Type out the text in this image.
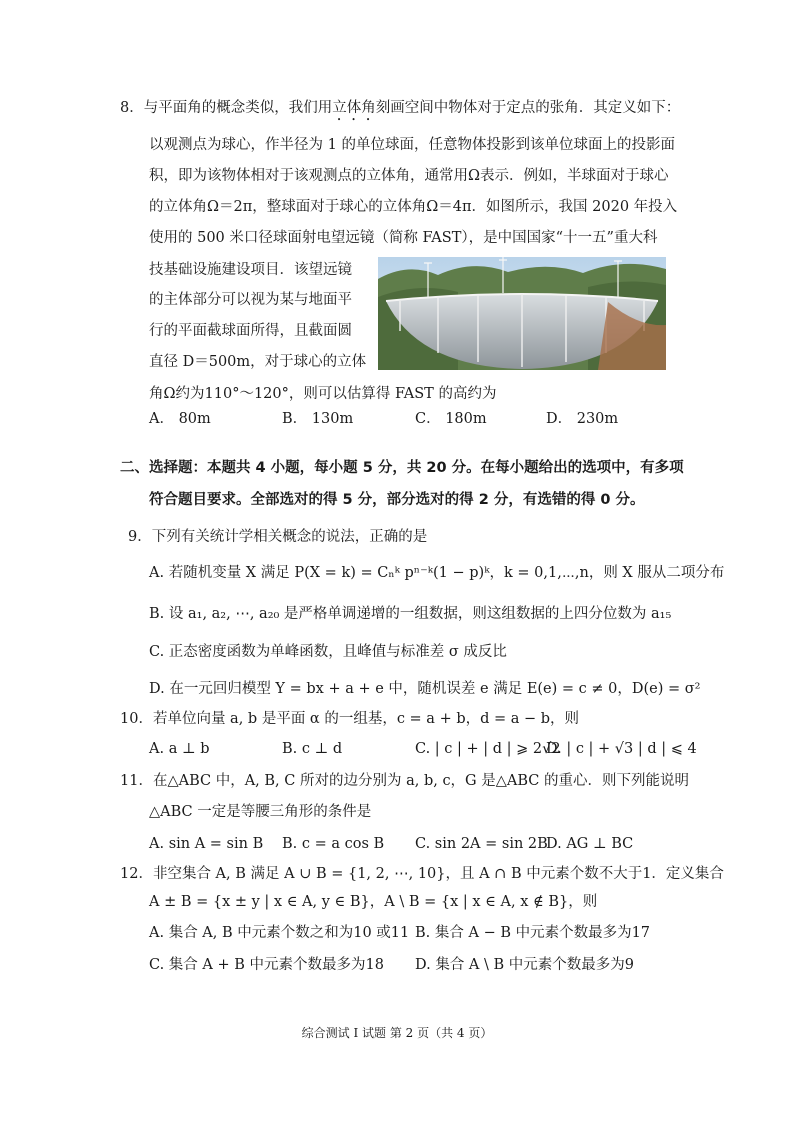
8．与平面角的概念类似，我们用立体角刻画空间中物体对于定点的张角．其定义如下：
以观测点为球心，作半径为 1 的单位球面，任意物体投影到该单位球面上的投影面
积，即为该物体相对于该观测点的立体角，通常用Ω表示．例如，半球面对于球心
的立体角Ω＝2π，整球面对于球心的立体角Ω＝4π．如图所示，我国 2020 年投入
使用的 500 米口径球面射电望远镜（简称 FAST），是中国国家“十一五”重大科
技基础设施建设项目．该望远镜
的主体部分可以视为某与地面平
行的平面截球面所得，且截面圆
直径 D＝500m，对于球心的立体
角Ω约为110°～120°，则可以估算得 FAST 的高约为
A． 80m	B． 130m	C． 180m	D． 230m
二、选择题：本题共 4 小题，每小题 5 分，共 20 分。在每小题给出的选项中，有多项
符合题目要求。全部选对的得 5 分，部分选对的得 2 分，有选错的得 0 分。
9．下列有关统计学相关概念的说法，正确的是
A. 若随机变量 X 满足 P(X = k) = Cₙᵏ pⁿ⁻ᵏ(1 − p)ᵏ，k = 0,1,⋯,n，则 X 服从二项分布
B. 设 a₁, a₂, ⋯, a₂₀ 是严格单调递增的一组数据，则这组数据的上四分位数为 a₁₅
C. 正态密度函数为单峰函数，且峰值与标准差 σ 成反比
D. 在一元回归模型 Y = bx + a + e 中，随机误差 e 满足 E(e) = c ≠ 0，D(e) = σ²
10．若单位向量 a, b 是平面 α 的一组基，c = a + b，d = a − b，则
A. a ⊥ b	B. c ⊥ d	C. | c | + | d | ⩾ 2√2
D. | c | + √3 | d | ⩽ 4
11．在△ABC 中，A, B, C 所对的边分别为 a, b, c，G 是△ABC 的重心．则下列能说明
△ABC 一定是等腰三角形的条件是
A. sin A = sin B B. c = a cos B C. sin 2A = sin 2B
D. AG ⊥ BC
12．非空集合 A, B 满足 A ∪ B = {1, 2, ⋯, 10}，且 A ∩ B 中元素个数不大于1．定义集合
A ± B = {x ± y | x ∈ A, y ∈ B}，A \ B = {x | x ∈ A, x ∉ B}，则
A. 集合 A, B 中元素个数之和为10 或11 B. 集合 A − B 中元素个数最多为17
C. 集合 A + B 中元素个数最多为18 D. 集合 A \ B 中元素个数最多为9
综合测试 I 试题 第 2 页（共 4 页）
